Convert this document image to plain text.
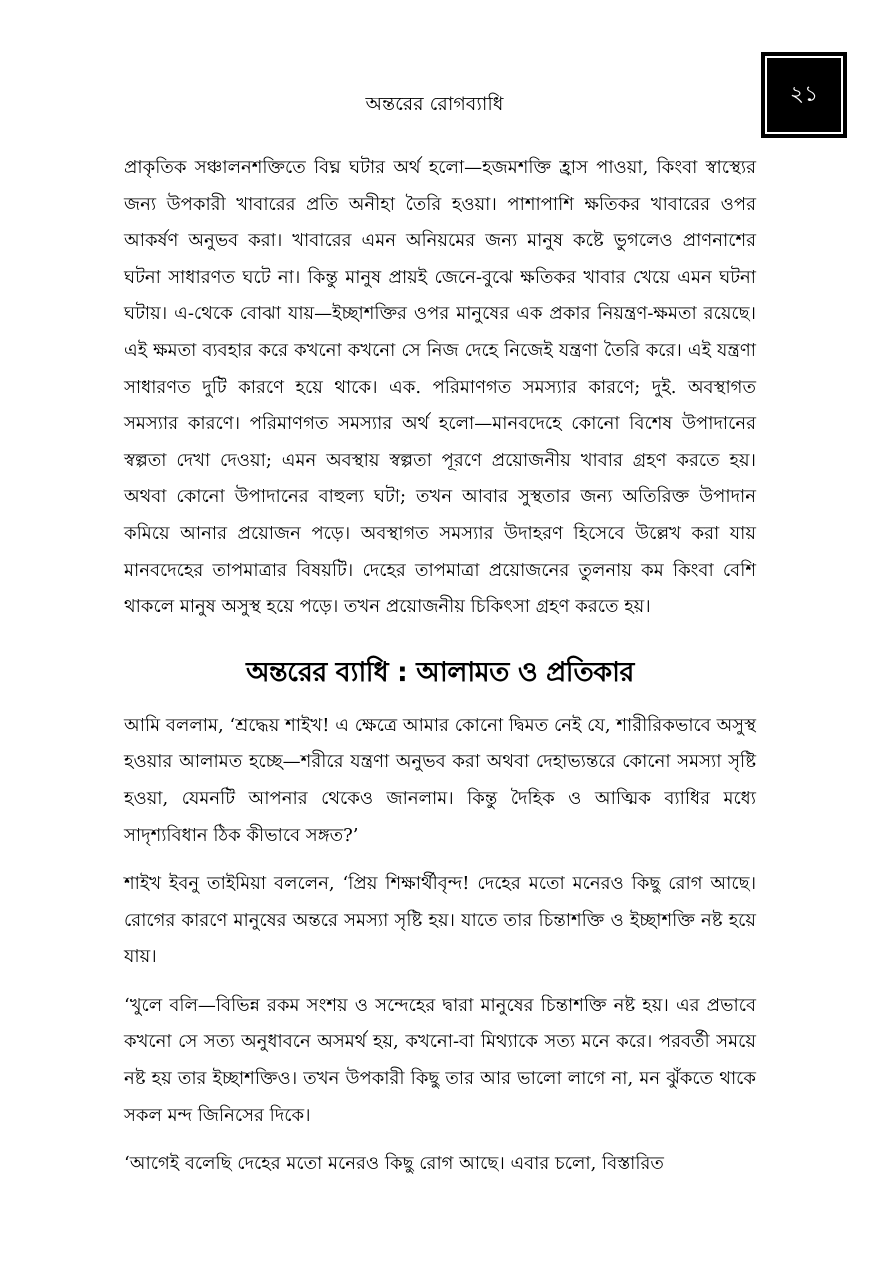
২১
অন্তরের রোগব্যাধি

প্রাকৃতিক সঞ্চালনশক্তিতে বিঘ্ন ঘটার অর্থ হলো—হজমশক্তি হ্রাস পাওয়া, কিংবা স্বাস্থ্যের জন্য উপকারী খাবারের প্রতি অনীহা তৈরি হওয়া। পাশাপাশি ক্ষতিকর খাবারের ওপর আকর্ষণ অনুভব করা। খাবারের এমন অনিয়মের জন্য মানুষ কষ্টে ভুগলেও প্রাণনাশের ঘটনা সাধারণত ঘটে না। কিন্তু মানুষ প্রায়ই জেনে-বুঝে ক্ষতিকর খাবার খেয়ে এমন ঘটনা ঘটায়। এ-থেকে বোঝা যায়—ইচ্ছাশক্তির ওপর মানুষের এক প্রকার নিয়ন্ত্রণ-ক্ষমতা রয়েছে। এই ক্ষমতা ব্যবহার করে কখনো কখনো সে নিজ দেহে নিজেই যন্ত্রণা তৈরি করে। এই যন্ত্রণা সাধারণত দুটি কারণে হয়ে থাকে। এক. পরিমাণগত সমস্যার কারণে; দুই. অবস্থাগত সমস্যার কারণে। পরিমাণগত সমস্যার অর্থ হলো—মানবদেহে কোনো বিশেষ উপাদানের স্বল্পতা দেখা দেওয়া; এমন অবস্থায় স্বল্পতা পূরণে প্রয়োজনীয় খাবার গ্রহণ করতে হয়। অথবা কোনো উপাদানের বাহুল্য ঘটা; তখন আবার সুস্থতার জন্য অতিরিক্ত উপাদান কমিয়ে আনার প্রয়োজন পড়ে। অবস্থাগত সমস্যার উদাহরণ হিসেবে উল্লেখ করা যায় মানবদেহের তাপমাত্রার বিষয়টি। দেহের তাপমাত্রা প্রয়োজনের তুলনায় কম কিংবা বেশি থাকলে মানুষ অসুস্থ হয়ে পড়ে। তখন প্রয়োজনীয় চিকিৎসা গ্রহণ করতে হয়।

অন্তরের ব্যাধি : আলামত ও প্রতিকার

আমি বললাম, ‘শ্রদ্ধেয় শাইখ! এ ক্ষেত্রে আমার কোনো দ্বিমত নেই যে, শারীরিকভাবে অসুস্থ হওয়ার আলামত হচ্ছে—শরীরে যন্ত্রণা অনুভব করা অথবা দেহাভ্যন্তরে কোনো সমস্যা সৃষ্টি হওয়া, যেমনটি আপনার থেকেও জানলাম। কিন্তু দৈহিক ও আত্মিক ব্যাধির মধ্যে সাদৃশ্যবিধান ঠিক কীভাবে সঙ্গত?’

শাইখ ইবনু তাইমিয়া বললেন, ‘প্রিয় শিক্ষার্থীবৃন্দ! দেহের মতো মনেরও কিছু রোগ আছে। রোগের কারণে মানুষের অন্তরে সমস্যা সৃষ্টি হয়। যাতে তার চিন্তাশক্তি ও ইচ্ছাশক্তি নষ্ট হয়ে যায়।

‘খুলে বলি—বিভিন্ন রকম সংশয় ও সন্দেহের দ্বারা মানুষের চিন্তাশক্তি নষ্ট হয়। এর প্রভাবে কখনো সে সত্য অনুধাবনে অসমর্থ হয়, কখনো-বা মিথ্যাকে সত্য মনে করে। পরবর্তী সময়ে নষ্ট হয় তার ইচ্ছাশক্তিও। তখন উপকারী কিছু তার আর ভালো লাগে না, মন ঝুঁকতে থাকে সকল মন্দ জিনিসের দিকে।

‘আগেই বলেছি দেহের মতো মনেরও কিছু রোগ আছে। এবার চলো, বিস্তারিত
